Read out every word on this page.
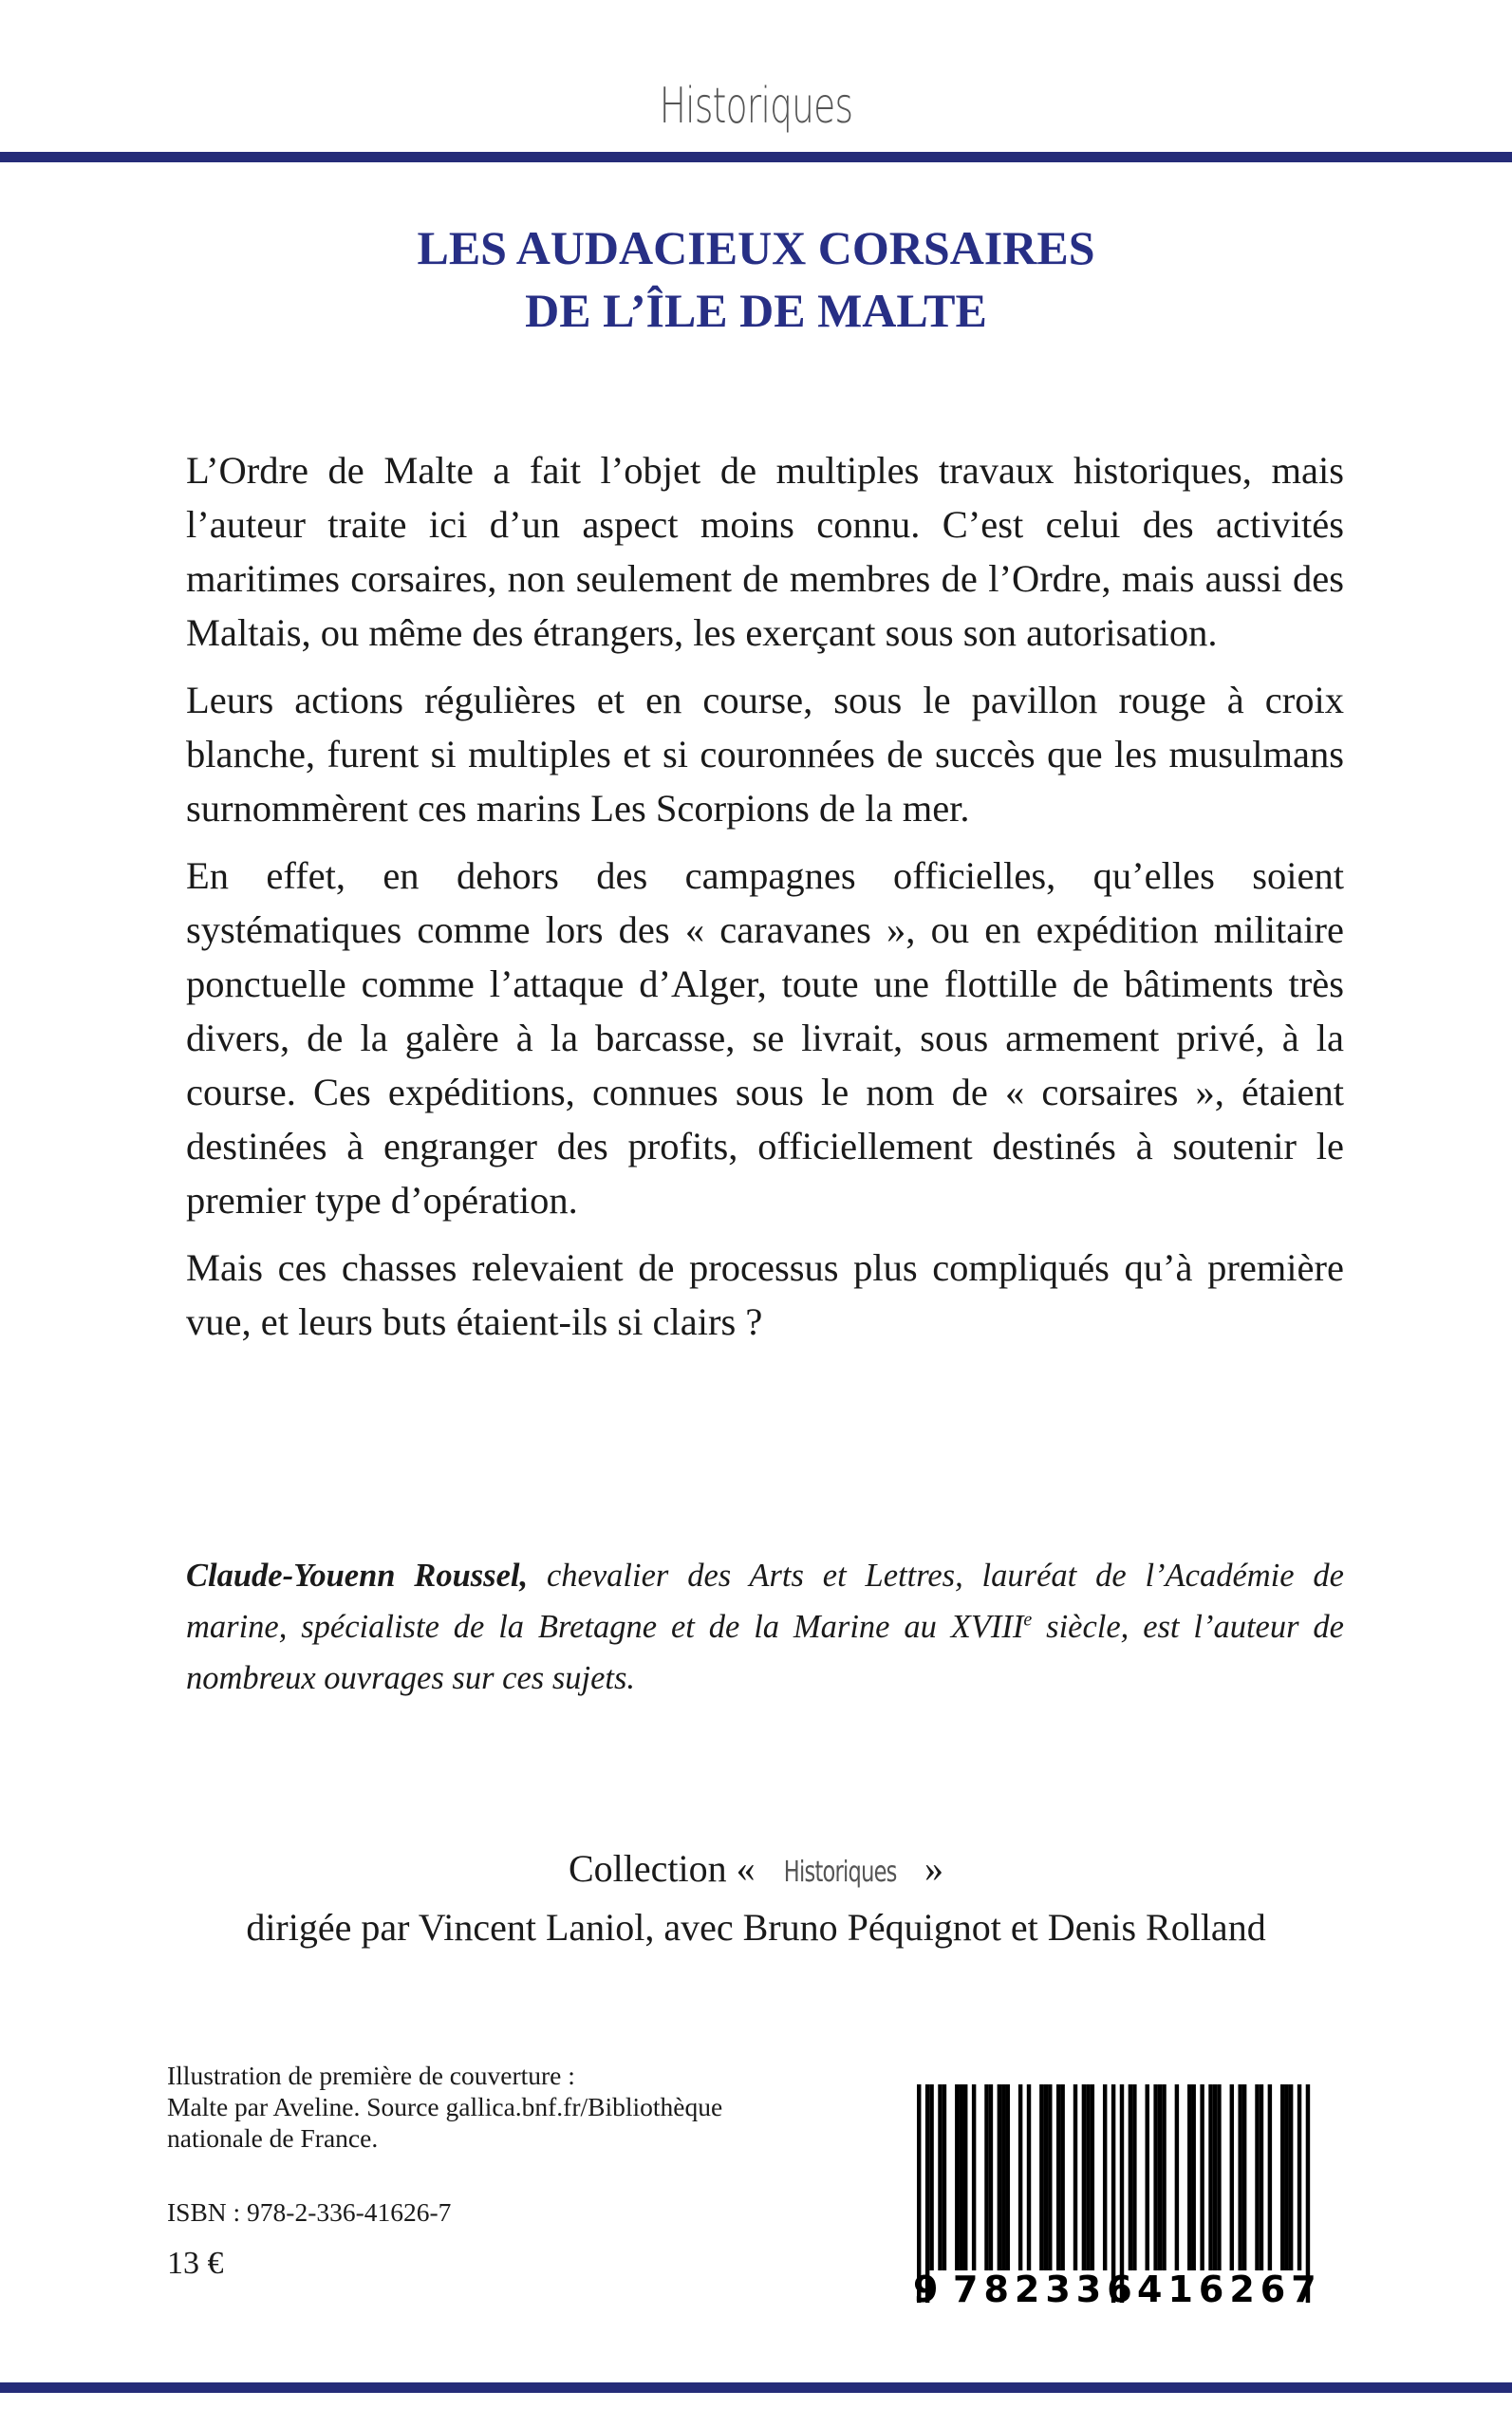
Historiques
LES AUDACIEUX CORSAIRES
DE L’ÎLE DE MALTE

L’Ordre de Malte a fait l’objet de multiples travaux historiques, mais l’auteur traite ici d’un aspect moins connu. C’est celui des activités maritimes corsaires, non seulement de membres de l’Ordre, mais aussi des Maltais, ou même des étrangers, les exerçant sous son autorisation.

Leurs actions régulières et en course, sous le pavillon rouge à croix blanche, furent si multiples et si couronnées de succès que les musulmans surnommèrent ces marins Les Scorpions de la mer.

En effet, en dehors des campagnes officielles, qu’elles soient systématiques comme lors des « caravanes », ou en expédition militaire ponctuelle comme l’attaque d’Alger, toute une flottille de bâtiments très divers, de la galère à la barcasse, se livrait, sous armement privé, à la course. Ces expéditions, connues sous le nom de « corsaires », étaient destinées à engranger des profits, officiellement destinés à soutenir le premier type d’opération.

Mais ces chasses relevaient de processus plus compliqués qu’à première vue, et leurs buts étaient-ils si clairs ?

Claude-Youenn Roussel, chevalier des Arts et Lettres, lauréat de l’Académie de marine, spécialiste de la Bretagne et de la Marine au XVIIIe siècle, est l’auteur de nombreux ouvrages sur ces sujets.
Collection « Historiques »
dirigée par Vincent Laniol, avec Bruno Péquignot et Denis Rolland
Illustration de première de couverture :
Malte par Aveline. Source gallica.bnf.fr/Bibliothèque
nationale de France.
ISBN : 978-2-336-41626-7
13 €
9 782336 416267
